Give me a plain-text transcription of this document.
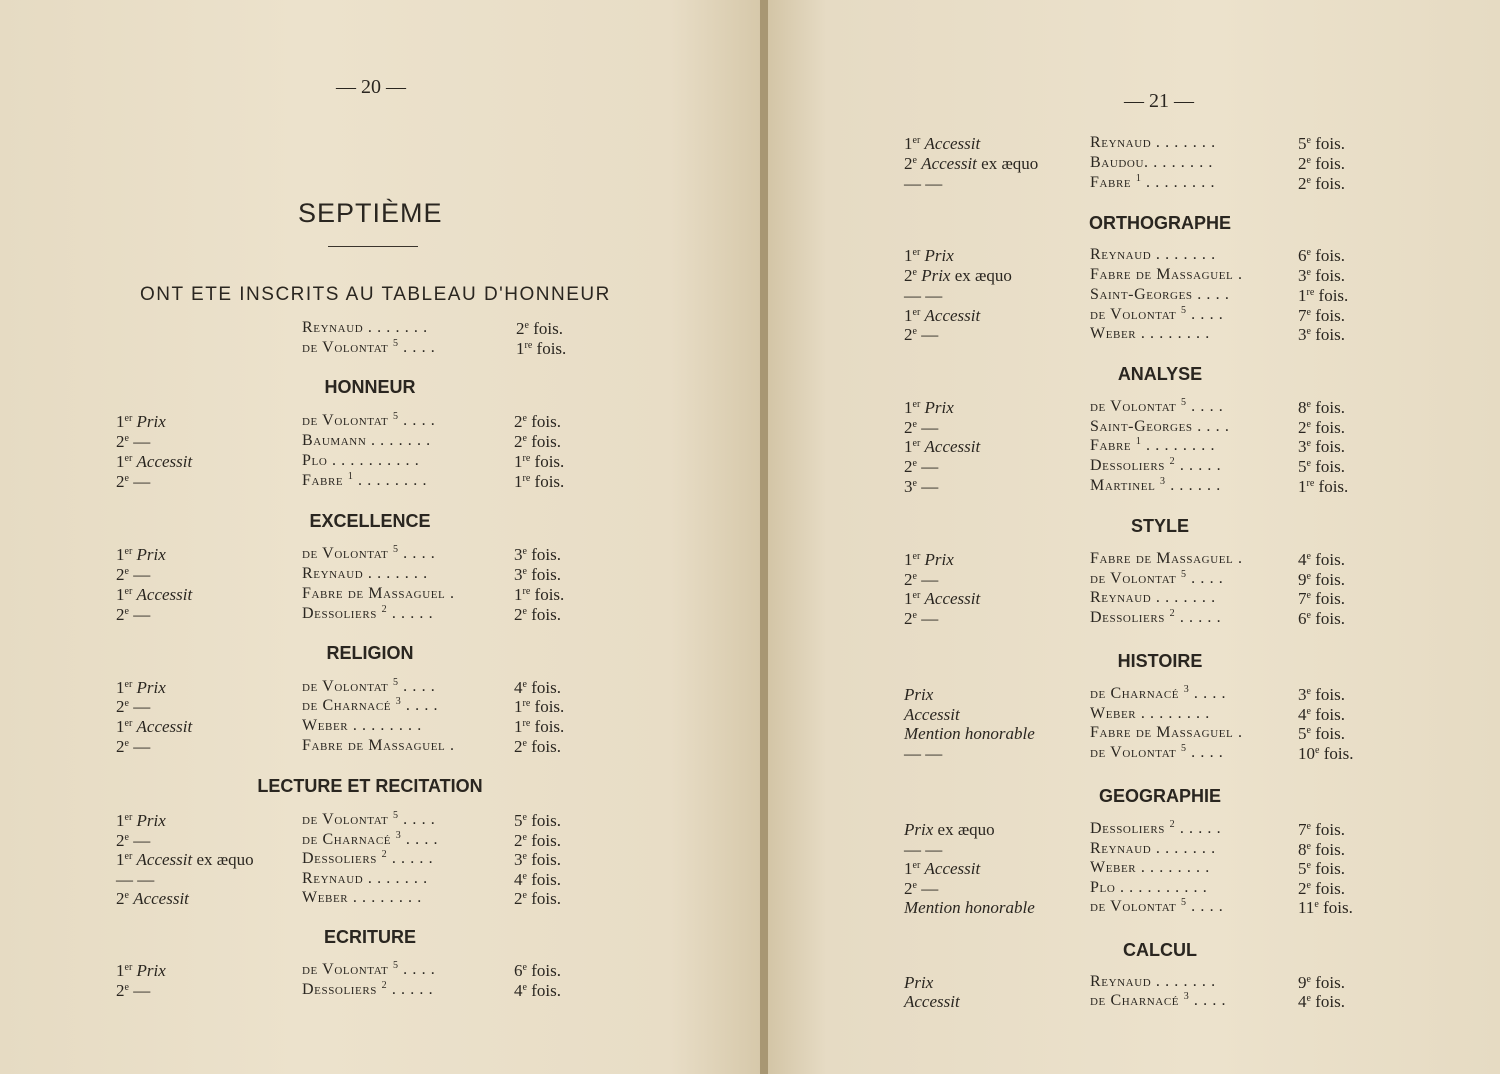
— 20 —
SEPTIÈME
ONT ETE INSCRITS AU TABLEAU D'HONNEUR
Reynaud . . . . . . .	2e fois.
de Volontat $^5$ . . . .	1re fois.
HONNEUR
1er Prix	de Volontat $^5$ . . . .	2e fois.
2e —	Baumann . . . . . . .	2e fois.
1er Accessit	Plo . . . . . . . . . .	1re fois.
2e —	Fabre $^1$ . . . . . . . .	1re fois.
EXCELLENCE
1er Prix	de Volontat $^5$ . . . .	3e fois.
2e —	Reynaud . . . . . . .	3e fois.
1er Accessit	Fabre de Massaguel .	1re fois.
2e —	Dessoliers $^2$ . . . . .	2e fois.
RELIGION
1er Prix	de Volontat $^5$ . . . .	4e fois.
2e —	de Charnacé $^3$ . . . .	1re fois.
1er Accessit	Weber . . . . . . . .	1re fois.
2e —	Fabre de Massaguel .	2e fois.
LECTURE ET RECITATION
1er Prix	de Volontat $^5$ . . . .	5e fois.
2e —	de Charnacé $^3$ . . . .	2e fois.
1er Accessit ex æquo	Dessoliers $^2$ . . . . .	3e fois.
— —	Reynaud . . . . . . .	4e fois.
2e Accessit	Weber . . . . . . . .	2e fois.
ECRITURE
1er Prix	de Volontat $^5$ . . . .	6e fois.
2e —	Dessoliers $^2$ . . . . .	4e fois.
— 21 —
1er Accessit	Reynaud . . . . . . .	5e fois.
2e Accessit ex æquo	Baudou. . . . . . . .	2e fois.
— —	Fabre $^1$ . . . . . . . .	2e fois.
ORTHOGRAPHE
1er Prix	Reynaud . . . . . . .	6e fois.
2e Prix ex æquo	Fabre de Massaguel .	3e fois.
— —	Saint-Georges . . . .	1re fois.
1er Accessit	de Volontat $^5$ . . . .	7e fois.
2e —	Weber . . . . . . . .	3e fois.
ANALYSE
1er Prix	de Volontat $^5$ . . . .	8e fois.
2e —	Saint-Georges . . . .	2e fois.
1er Accessit	Fabre $^1$ . . . . . . . .	3e fois.
2e —	Dessoliers $^2$ . . . . .	5e fois.
3e —	Martinel $^3$ . . . . . .	1re fois.
STYLE
1er Prix	Fabre de Massaguel .	4e fois.
2e —	de Volontat $^5$ . . . .	9e fois.
1er Accessit	Reynaud . . . . . . .	7e fois.
2e —	Dessoliers $^2$ . . . . .	6e fois.
HISTOIRE
Prix	de Charnacé $^3$ . . . .	3e fois.
Accessit	Weber . . . . . . . .	4e fois.
Mention honorable	Fabre de Massaguel .	5e fois.
— —	de Volontat $^5$ . . . .	10e fois.
GEOGRAPHIE
Prix ex æquo	Dessoliers $^2$ . . . . .	7e fois.
— —	Reynaud . . . . . . .	8e fois.
1er Accessit	Weber . . . . . . . .	5e fois.
2e —	Plo . . . . . . . . . .	2e fois.
Mention honorable	de Volontat $^5$ . . . .	11e fois.
CALCUL
Prix	Reynaud . . . . . . .	9e fois.
Accessit	de Charnacé $^3$ . . . .	4e fois.
